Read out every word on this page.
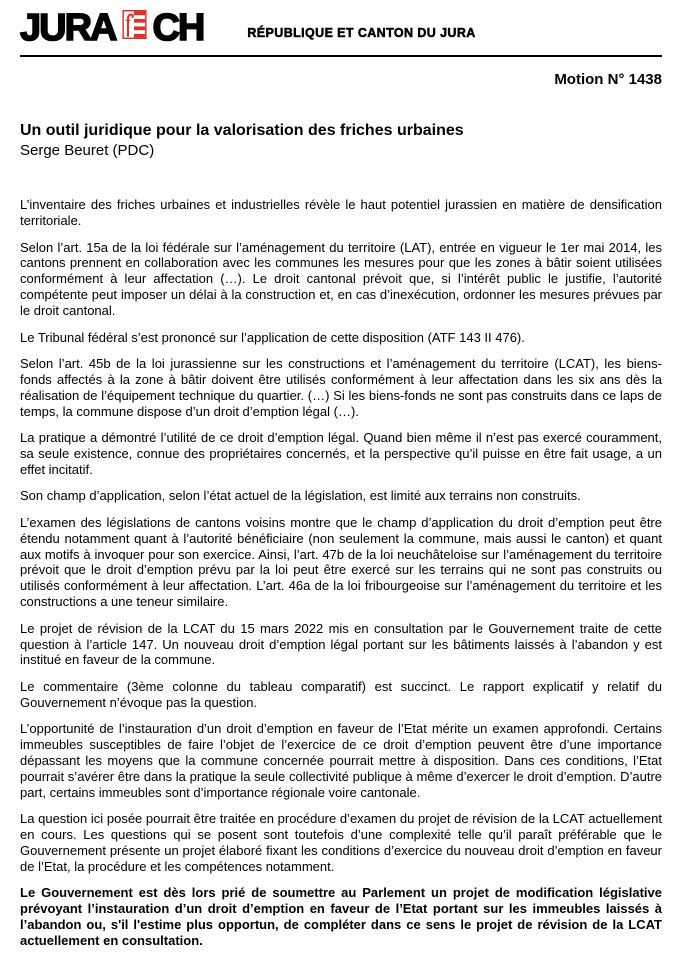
JURA CH	RÉPUBLIQUE ET CANTON DU JURA
Motion N° 1438
Un outil juridique pour la valorisation des friches urbaines
Serge Beuret (PDC)

L’inventaire des friches urbaines et industrielles révèle le haut potentiel jurassien en matière de densification territoriale.

Selon l’art. 15a de la loi fédérale sur l’aménagement du territoire (LAT), entrée en vigueur le 1er mai 2014, les cantons prennent en collaboration avec les communes les mesures pour que les zones à bâtir soient utilisées conformément à leur affectation (…). Le droit cantonal prévoit que, si l’intérêt public le justifie, l’autorité compétente peut imposer un délai à la construction et, en cas d’inexécution, ordonner les mesures prévues par le droit cantonal.

Le Tribunal fédéral s’est prononcé sur l’application de cette disposition (ATF 143 II 476).

Selon l’art. 45b de la loi jurassienne sur les constructions et l’aménagement du territoire (LCAT), les biens-fonds affectés à la zone à bâtir doivent être utilisés conformément à leur affectation dans les six ans dès la réalisation de l’équipement technique du quartier. (…) Si les biens-fonds ne sont pas construits dans ce laps de temps, la commune dispose d’un droit d’emption légal (…).

La pratique a démontré l’utilité de ce droit d’emption légal. Quand bien même il n’est pas exercé couramment, sa seule existence, connue des propriétaires concernés, et la perspective qu’il puisse en être fait usage, a un effet incitatif.

Son champ d’application, selon l’état actuel de la législation, est limité aux terrains non construits.

L’examen des législations de cantons voisins montre que le champ d’application du droit d’emption peut être étendu notamment quant à l’autorité bénéficiaire (non seulement la commune, mais aussi le canton) et quant aux motifs à invoquer pour son exercice. Ainsi, l’art. 47b de la loi neuchâteloise sur l’aménagement du territoire prévoit que le droit d’emption prévu par la loi peut être exercé sur les terrains qui ne sont pas construits ou utilisés conformément à leur affectation. L’art. 46a de la loi fribourgeoise sur l’aménagement du territoire et les constructions a une teneur similaire.

Le projet de révision de la LCAT du 15 mars 2022 mis en consultation par le Gouvernement traite de cette question à l’article 147. Un nouveau droit d’emption légal portant sur les bâtiments laissés à l’abandon y est institué en faveur de la commune.

Le commentaire (3ème colonne du tableau comparatif) est succinct. Le rapport explicatif y relatif du Gouvernement n’évoque pas la question.

L’opportunité de l’instauration d’un droit d’emption en faveur de l’Etat mérite un examen approfondi. Certains immeubles susceptibles de faire l’objet de l’exercice de ce droit d’emption peuvent être d’une importance dépassant les moyens que la commune concernée pourrait mettre à disposition. Dans ces conditions, l’Etat pourrait s’avérer être dans la pratique la seule collectivité publique à même d’exercer le droit d’emption. D’autre part, certains immeubles sont d’importance régionale voire cantonale.

La question ici posée pourrait être traitée en procédure d’examen du projet de révision de la LCAT actuellement en cours. Les questions qui se posent sont toutefois d’une complexité telle qu’il paraît préférable que le Gouvernement présente un projet élaboré fixant les conditions d’exercice du nouveau droit d’emption en faveur de l’Etat, la procédure et les compétences notamment.

Le Gouvernement est dès lors prié de soumettre au Parlement un projet de modification législative prévoyant l’instauration d’un droit d’emption en faveur de l’Etat portant sur les immeubles laissés à l’abandon ou, s'il l'estime plus opportun, de compléter dans ce sens le projet de révision de la LCAT actuellement en consultation.
